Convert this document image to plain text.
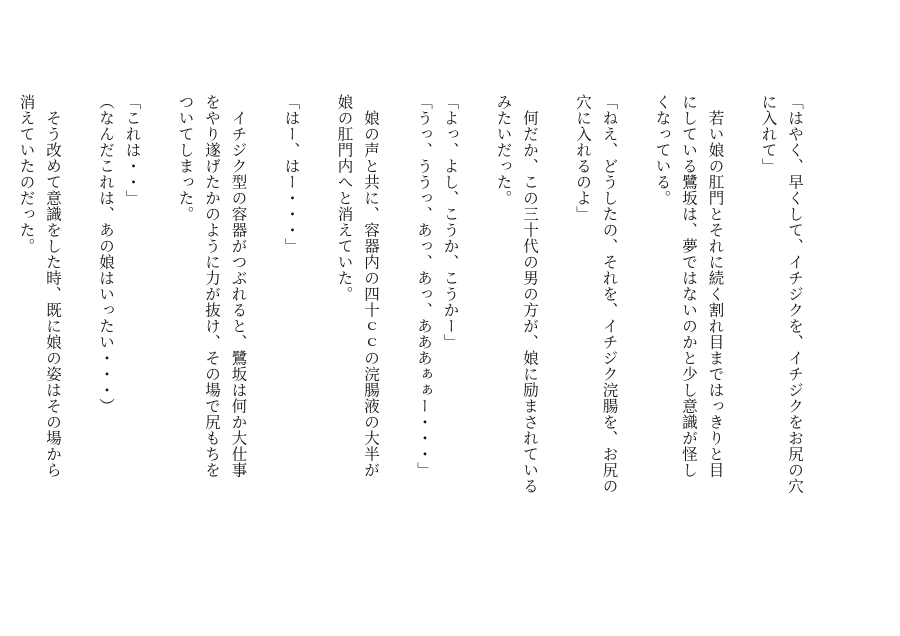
「はやく、早くして、イチジクを、イチジクをお尻の穴
に入れて」

若い娘の肛門とそれに続く割れ目まではっきりと目
にしている鷺坂は、夢ではないのかと少し意識が怪し
くなっている。

「ねえ、どうしたの、それを、イチジク浣腸を、お尻の
穴に入れるのよ」

何だか、この三十代の男の方が、娘に励まされている
みたいだった。

「よっ、よし、こうか、こうかー」
「うっ、ううっ、あっ、あっ、あああぁぁー・・・」

娘の声と共に、容器内の四十ｃｃの浣腸液の大半が
娘の肛門内へと消えていた。

「はー、はー・・・」

イチジク型の容器がつぶれると、鷺坂は何か大仕事
をやり遂げたかのように力が抜け、その場で尻もちを
ついてしまった。

「これは・・」
（なんだこれは、あの娘はいったい・・・）

そう改めて意識をした時、既に娘の姿はその場から
消えていたのだった。
